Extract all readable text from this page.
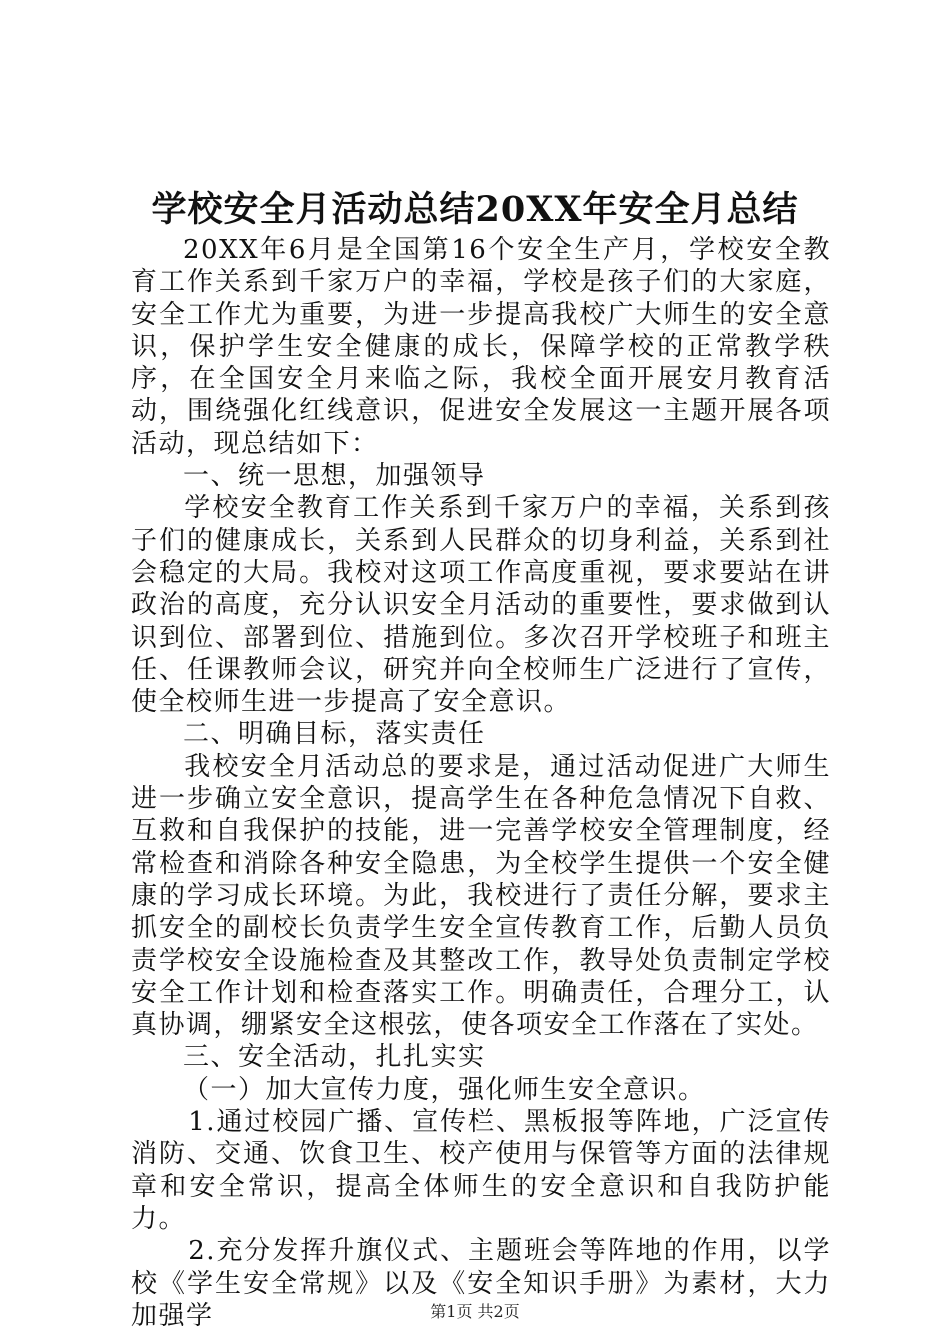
学校安全月活动总结20XX年安全月总结

20XX年6月是全国第16个安全生产月，学校安全教育工作关系到千家万户的幸福，学校是孩子们的大家庭，安全工作尤为重要，为进一步提高我校广大师生的安全意识，保护学生安全健康的成长，保障学校的正常教学秩序，在全国安全月来临之际，我校全面开展安月教育活动，围绕强化红线意识，促进安全发展这一主题开展各项活动，现总结如下：

一、统一思想，加强领导

学校安全教育工作关系到千家万户的幸福，关系到孩子们的健康成长，关系到人民群众的切身利益，关系到社会稳定的大局。我校对这项工作高度重视，要求要站在讲政治的高度，充分认识安全月活动的重要性，要求做到认识到位、部署到位、措施到位。多次召开学校班子和班主任、任课教师会议，研究并向全校师生广泛进行了宣传，使全校师生进一步提高了安全意识。

二、明确目标，落实责任

我校安全月活动总的要求是，通过活动促进广大师生进一步确立安全意识，提高学生在各种危急情况下自救、互救和自我保护的技能，进一完善学校安全管理制度，经常检查和消除各种安全隐患，为全校学生提供一个安全健康的学习成长环境。为此，我校进行了责任分解，要求主抓安全的副校长负责学生安全宣传教育工作，后勤人员负责学校安全设施检查及其整改工作，教导处负责制定学校安全工作计划和检查落实工作。明确责任，合理分工，认真协调，绷紧安全这根弦，使各项安全工作落在了实处。

三、安全活动，扎扎实实

（一）加大宣传力度，强化师生安全意识。

1.通过校园广播、宣传栏、黑板报等阵地，广泛宣传消防、交通、饮食卫生、校产使用与保管等方面的法律规章和安全常识，提高全体师生的安全意识和自我防护能力。

2.充分发挥升旗仪式、主题班会等阵地的作用，以学校《学生安全常规》以及《安全知识手册》为素材，大力加强学	第1页 共2页
